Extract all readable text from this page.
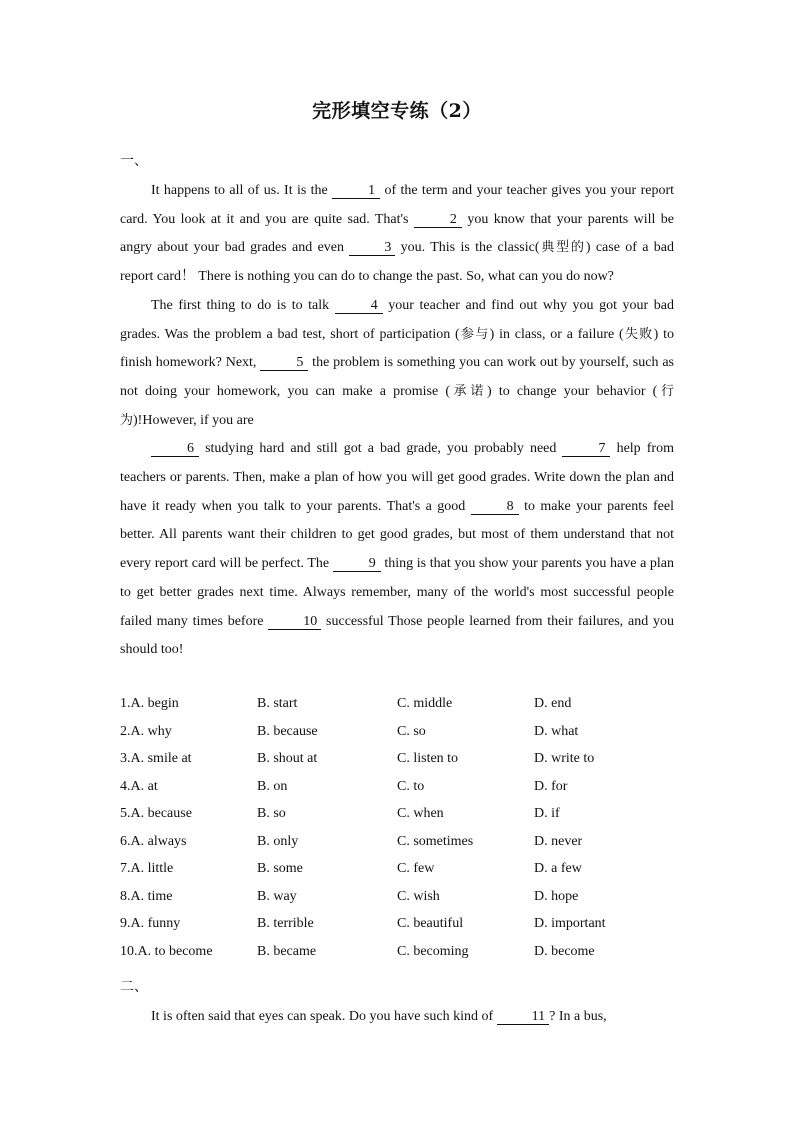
完形填空专练（2）
一、

It happens to all of us. It is the	1 of the term and your teacher gives you your report card. You look at it and you are quite sad. That's	2 you know that your parents will be angry about your bad grades and even	3 you. This is the classic(典型的) case of a bad report card！ There is nothing you can do to change the past. So, what can you do now?

The first thing to do is to talk	4 your teacher and find out why you got your bad grades. Was the problem a bad test, short of participation (参与) in class, or a failure (失败) to finish homework? Next,	5 the problem is something you can work out by yourself, such as not doing your homework, you can make a promise (承诺) to change your behavior (行为)!However, if you are

6 studying hard and still got a bad grade, you probably need	7 help from teachers or parents. Then, make a plan of how you will get good grades. Write down the plan and have it ready when you talk to your parents. That's a good	8 to make your parents feel better. All parents want their children to get good grades, but most of them understand that not every report card will be perfect. The	9 thing is that you show your parents you have a plan to get better grades next time. Always remember, many of the world's most successful people failed many times before	10 successful Those people learned from their failures, and you should too!

1.A. begin	B. start	C. middle	D. end
2.A. why	B. because	C. so	D. what
3.A. smile at	B. shout at	C. listen to	D. write to
4.A. at	B. on	C. to	D. for
5.A. because	B. so	C. when	D. if
6.A. always	B. only	C. sometimes	D. never
7.A. little	B. some	C. few	D. a few
8.A. time	B. way	C. wish	D. hope
9.A. funny	B. terrible	C. beautiful	D. important
10.A. to become	B. became	C. becoming	D. become
二、

It is often said that eyes can speak. Do you have such kind of	11 ? In a bus,
